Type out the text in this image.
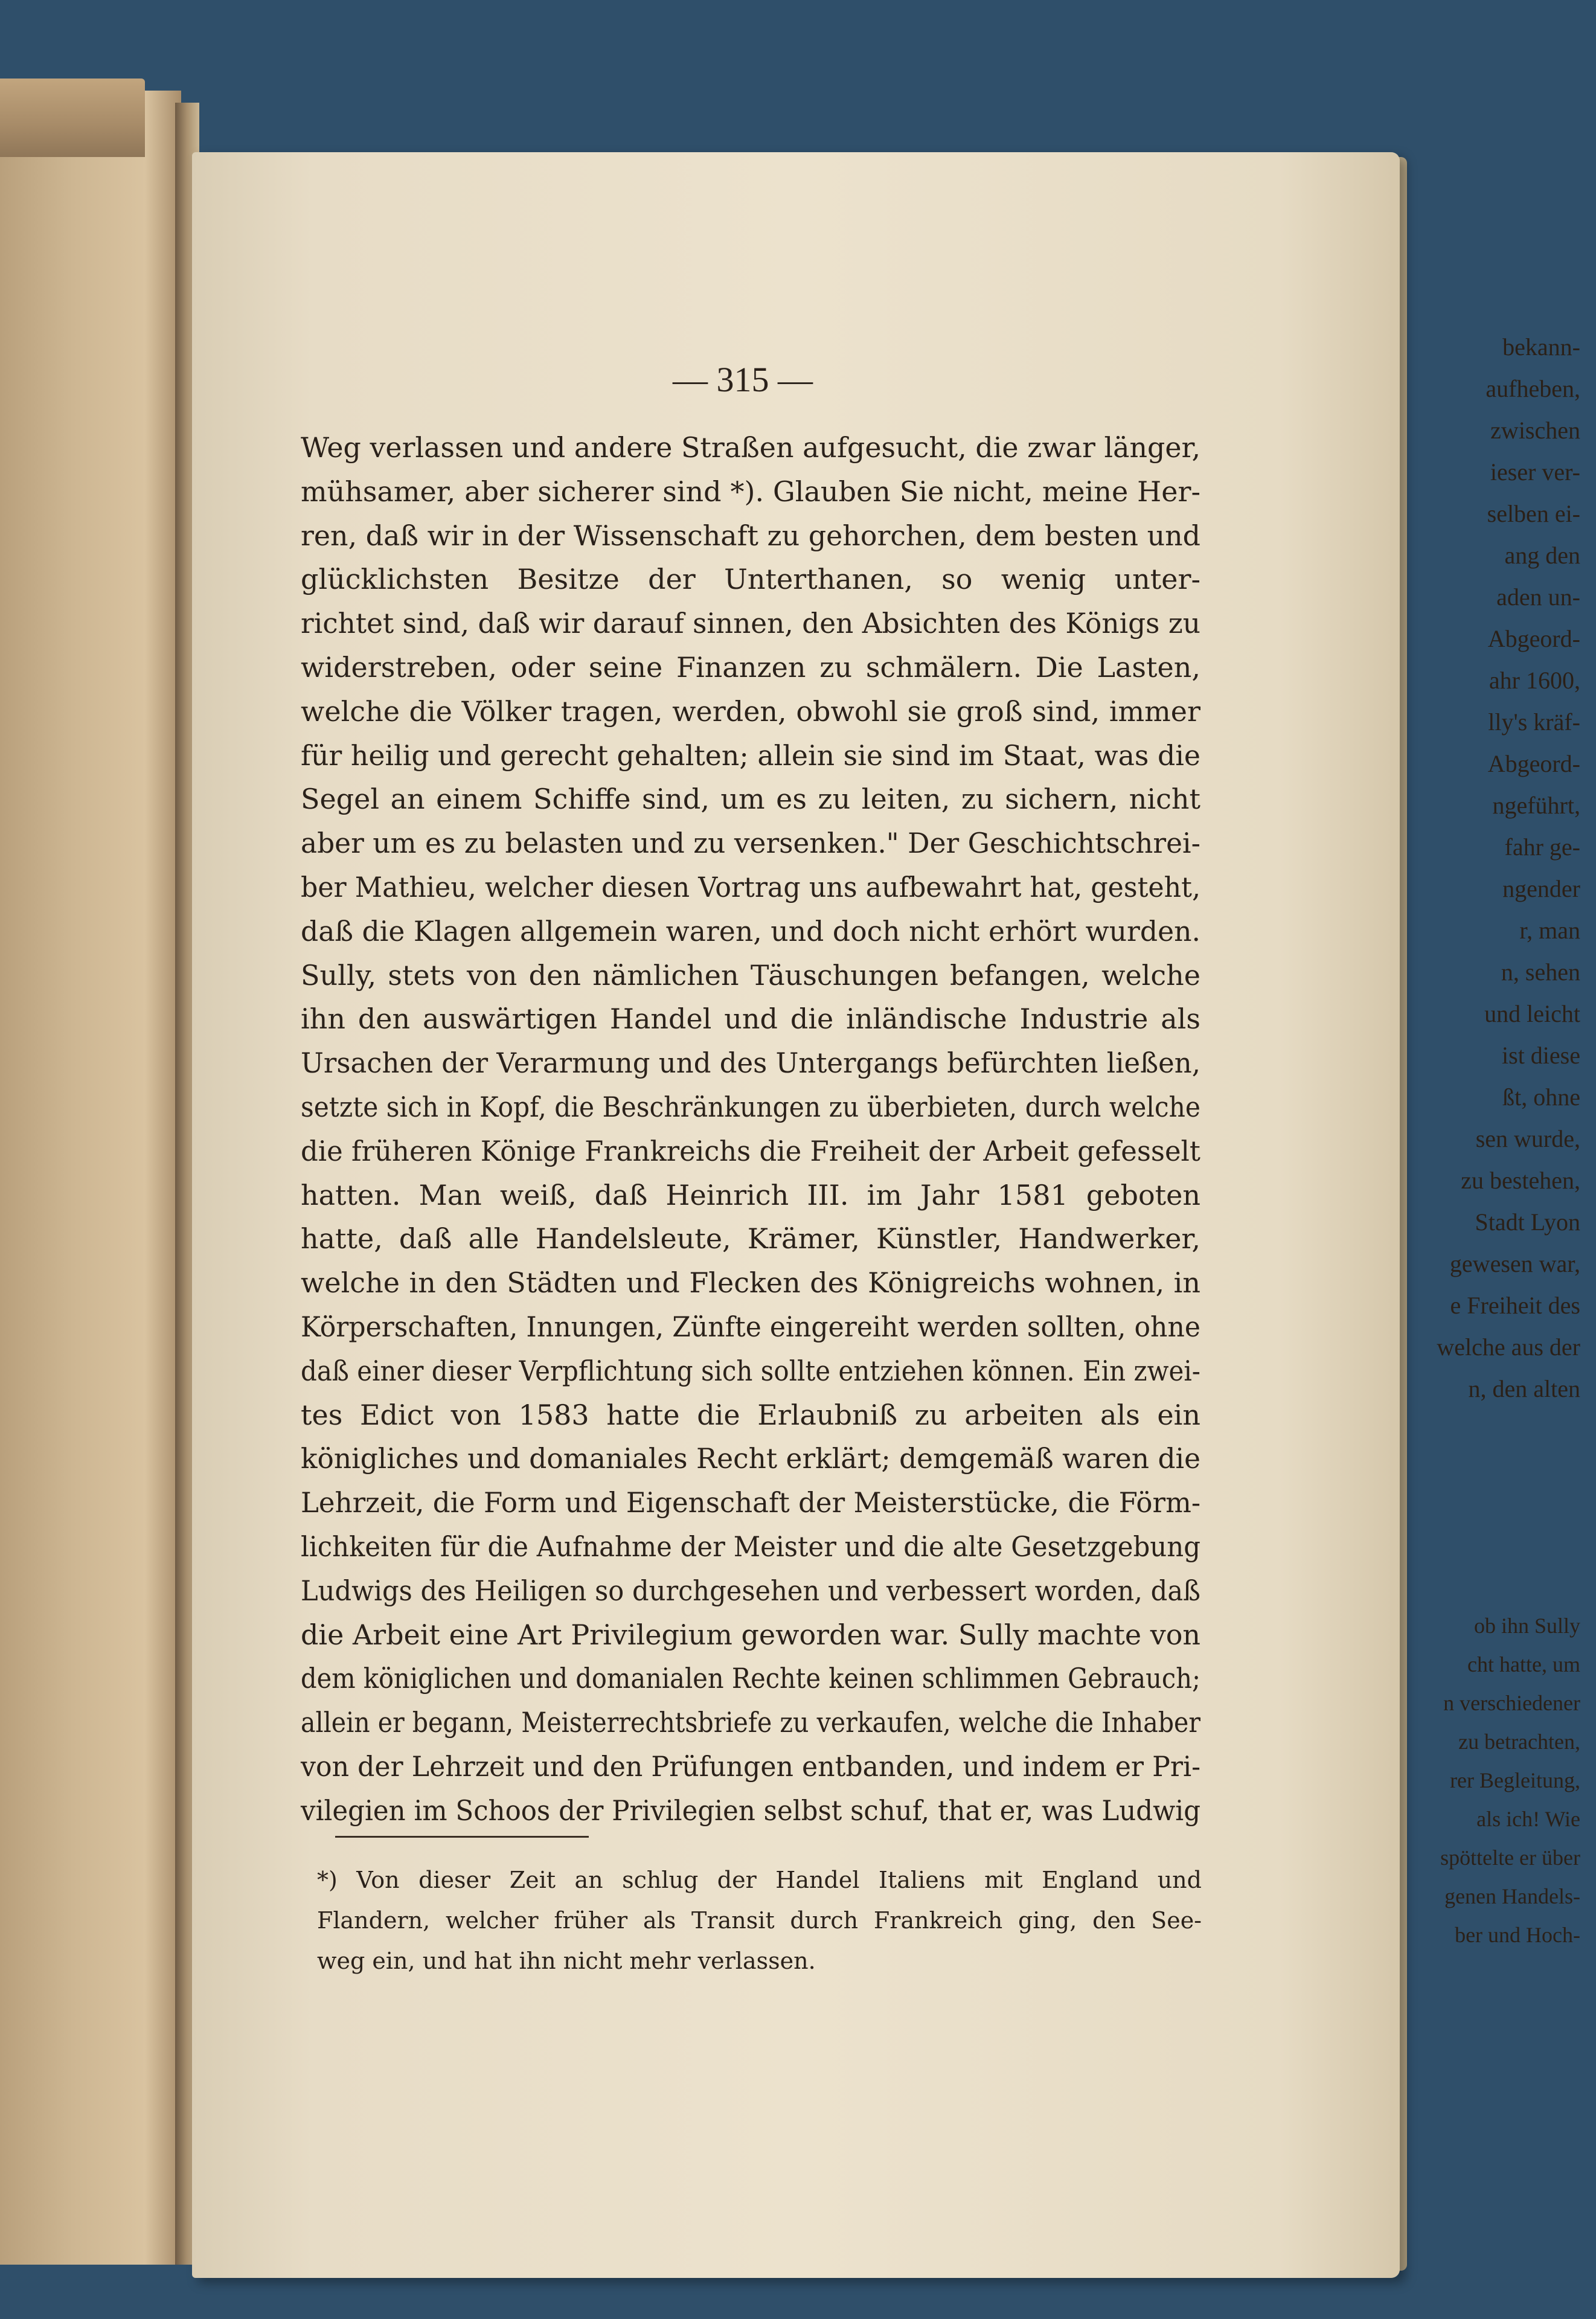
bekann-
aufheben,
zwischen
ieser ver-
selben ei-
ang den
aden un-
Abgeord-
ahr 1600,
lly's kräf-
Abgeord-
ngeführt,
fahr ge-
ngender
r, man
n, sehen
und leicht
ist diese
ßt, ohne
sen wurde,
zu bestehen,
Stadt Lyon
gewesen war,
e Freiheit des
welche aus der
n, den alten

ob ihn Sully
cht hatte, um
n verschiedener
zu betrachten,
rer Begleitung,
als ich! Wie
spöttelte er über
genen Handels-
ber und Hoch-

— 315 —
Weg verlassen und andere Straßen aufgesucht, die zwar länger,
mühsamer, aber sicherer sind *). Glauben Sie nicht, meine Her-
ren, daß wir in der Wissenschaft zu gehorchen, dem besten und
glücklichsten Besitze der Unterthanen, so wenig unter-
richtet sind, daß wir darauf sinnen, den Absichten des Königs zu
widerstreben, oder seine Finanzen zu schmälern. Die Lasten,
welche die Völker tragen, werden, obwohl sie groß sind, immer
für heilig und gerecht gehalten; allein sie sind im Staat, was die
Segel an einem Schiffe sind, um es zu leiten, zu sichern, nicht
aber um es zu belasten und zu versenken." Der Geschichtschrei-
ber Mathieu, welcher diesen Vortrag uns aufbewahrt hat, gesteht,
daß die Klagen allgemein waren, und doch nicht erhört wurden.
Sully, stets von den nämlichen Täuschungen befangen, welche
ihn den auswärtigen Handel und die inländische Industrie als
Ursachen der Verarmung und des Untergangs befürchten ließen,
setzte sich in Kopf, die Beschränkungen zu überbieten, durch welche
die früheren Könige Frankreichs die Freiheit der Arbeit gefesselt
hatten. Man weiß, daß Heinrich III. im Jahr 1581 geboten
hatte, daß alle Handelsleute, Krämer, Künstler, Handwerker,
welche in den Städten und Flecken des Königreichs wohnen, in
Körperschaften, Innungen, Zünfte eingereiht werden sollten, ohne
daß einer dieser Verpflichtung sich sollte entziehen können. Ein zwei-
tes Edict von 1583 hatte die Erlaubniß zu arbeiten als ein
königliches und domaniales Recht erklärt; demgemäß waren die
Lehrzeit, die Form und Eigenschaft der Meisterstücke, die Förm-
lichkeiten für die Aufnahme der Meister und die alte Gesetzgebung
Ludwigs des Heiligen so durchgesehen und verbessert worden, daß
die Arbeit eine Art Privilegium geworden war. Sully machte von
dem königlichen und domanialen Rechte keinen schlimmen Gebrauch;
allein er begann, Meisterrechtsbriefe zu verkaufen, welche die Inhaber
von der Lehrzeit und den Prüfungen entbanden, und indem er Pri-
vilegien im Schoos der Privilegien selbst schuf, that er, was Ludwig
*) Von dieser Zeit an schlug der Handel Italiens mit England und
Flandern, welcher früher als Transit durch Frankreich ging, den See-
weg ein, und hat ihn nicht mehr verlassen.
